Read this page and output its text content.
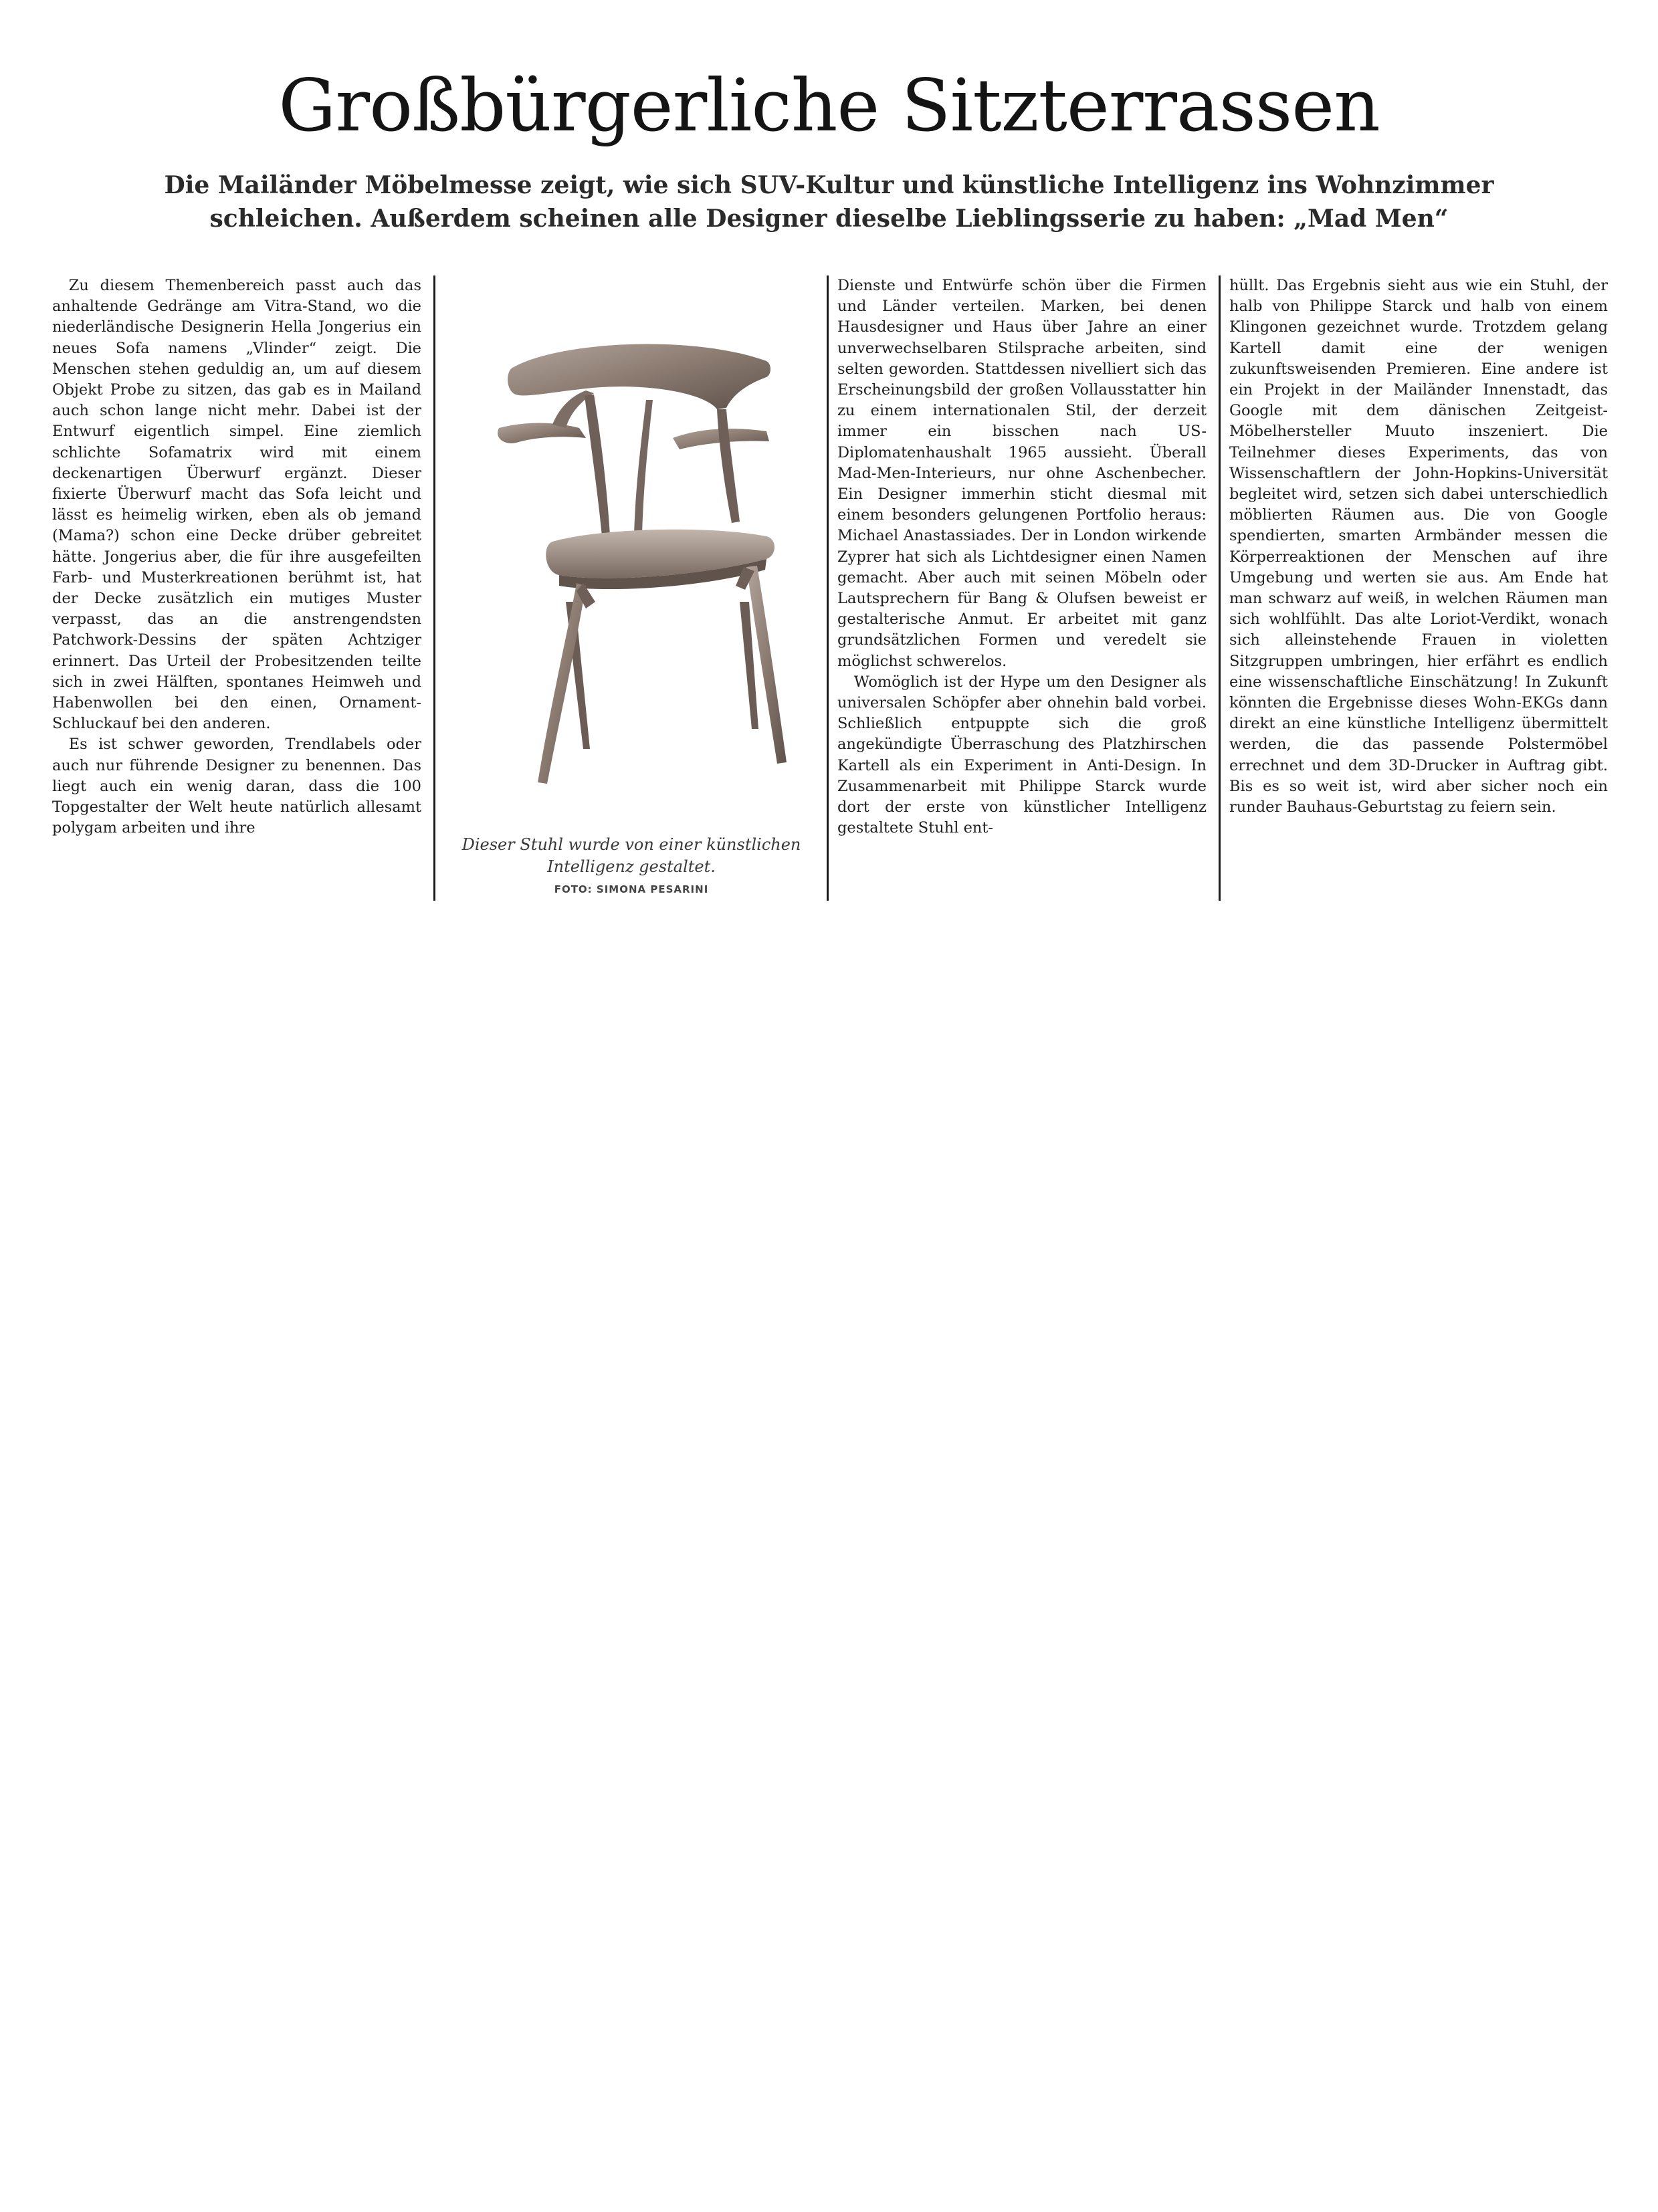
Großbürgerliche Sitzterrassen

Die Mailänder Möbelmesse zeigt, wie sich SUV-Kultur und künstliche Intelligenz ins Wohnzimmer schleichen. Außerdem scheinen alle Designer dieselbe Lieblingsserie zu haben: „Mad Men“

Zu diesem Themenbereich passt auch das anhaltende Gedränge am Vitra-Stand, wo die niederländische Designerin Hella Jongerius ein neues Sofa namens „Vlinder“ zeigt. Die Menschen stehen geduldig an, um auf diesem Objekt Probe zu sitzen, das gab es in Mailand auch schon lange nicht mehr. Dabei ist der Entwurf eigentlich simpel. Eine ziemlich schlichte Sofamatrix wird mit einem deckenartigen Überwurf ergänzt. Dieser fixierte Überwurf macht das Sofa leicht und lässt es heimelig wirken, eben als ob jemand (Mama?) schon eine Decke drüber gebreitet hätte. Jongerius aber, die für ihre ausgefeilten Farb- und Musterkreationen berühmt ist, hat der Decke zusätzlich ein mutiges Muster verpasst, das an die anstrengendsten Patchwork-Dessins der späten Achtziger erinnert. Das Urteil der Probesitzenden teilte sich in zwei Hälften, spontanes Heimweh und Habenwollen bei den einen, Ornament-Schluckauf bei den anderen.

Es ist schwer geworden, Trendlabels oder auch nur führende Designer zu benennen. Das liegt auch ein wenig daran, dass die 100 Topgestalter der Welt heute natürlich allesamt polygam arbeiten und ihre

Dieser Stuhl wurde von einer künstlichen Intelligenz gestaltet.

FOTO: SIMONA PESARINI

Dienste und Entwürfe schön über die Firmen und Länder verteilen. Marken, bei denen Hausdesigner und Haus über Jahre an einer unverwechselbaren Stilsprache arbeiten, sind selten geworden. Stattdessen nivelliert sich das Erscheinungsbild der großen Vollausstatter hin zu einem internationalen Stil, der derzeit immer ein bisschen nach US-Diplomatenhaushalt 1965 aussieht. Überall Mad-Men-Interieurs, nur ohne Aschenbecher. Ein Designer immerhin sticht diesmal mit einem besonders gelungenen Portfolio heraus: Michael Anastassiades. Der in London wirkende Zyprer hat sich als Lichtdesigner einen Namen gemacht. Aber auch mit seinen Möbeln oder Lautsprechern für Bang & Olufsen beweist er gestalterische Anmut. Er arbeitet mit ganz grundsätzlichen Formen und veredelt sie möglichst schwerelos.

Womöglich ist der Hype um den Designer als universalen Schöpfer aber ohnehin bald vorbei. Schließlich entpuppte sich die groß angekündigte Überraschung des Platzhirschen Kartell als ein Experiment in Anti-Design. In Zusammenarbeit mit Philippe Starck wurde dort der erste von künstlicher Intelligenz gestaltete Stuhl ent-

hüllt. Das Ergebnis sieht aus wie ein Stuhl, der halb von Philippe Starck und halb von einem Klingonen gezeichnet wurde. Trotzdem gelang Kartell damit eine der wenigen zukunftsweisenden Premieren. Eine andere ist ein Projekt in der Mailänder Innenstadt, das Google mit dem dänischen Zeitgeist-Möbelhersteller Muuto inszeniert. Die Teilnehmer dieses Experiments, das von Wissenschaftlern der John-Hopkins-Universität begleitet wird, setzen sich dabei unterschiedlich möblierten Räumen aus. Die von Google spendierten, smarten Armbänder messen die Körperreaktionen der Menschen auf ihre Umgebung und werten sie aus. Am Ende hat man schwarz auf weiß, in welchen Räumen man sich wohlfühlt. Das alte Loriot-Verdikt, wonach sich alleinstehende Frauen in violetten Sitzgruppen umbringen, hier erfährt es endlich eine wissenschaftliche Einschätzung! In Zukunft könnten die Ergebnisse dieses Wohn-EKGs dann direkt an eine künstliche Intelligenz übermittelt werden, die das passende Polstermöbel errechnet und dem 3D-Drucker in Auftrag gibt. Bis es so weit ist, wird aber sicher noch ein runder Bauhaus-Geburtstag zu feiern sein.
